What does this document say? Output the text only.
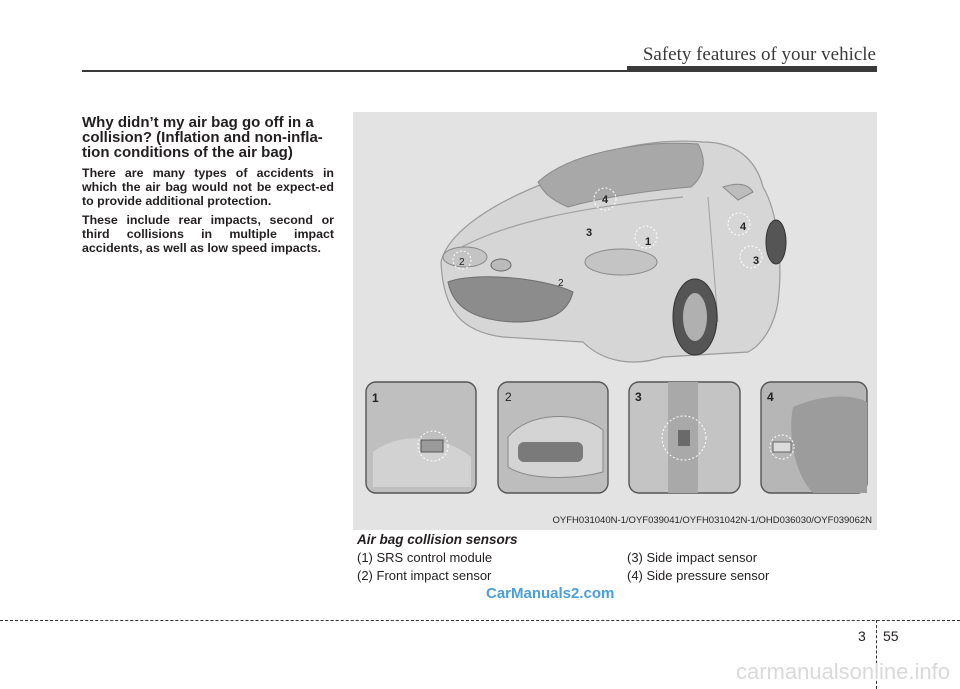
Safety features of your vehicle

Why didn’t my air bag go off in a collision? (Inflation and non-infla-tion conditions of the air bag)

There are many types of accidents in which the air bag would not be expect-ed to provide additional protection.

These include rear impacts, second or third collisions in multiple impact accidents, as well as low speed impacts.

4
3
1
4
2
2
3
1	2	3	4
OYFH031040N-1/OYF039041/OYFH031042N-1/OHD036030/OYF039062N
Air bag collision sensors
(1) SRS control module
(2) Front impact sensor
(3) Side impact sensor
(4) Side pressure sensor
CarManuals2.com
3 55
carmanualsonline.info
